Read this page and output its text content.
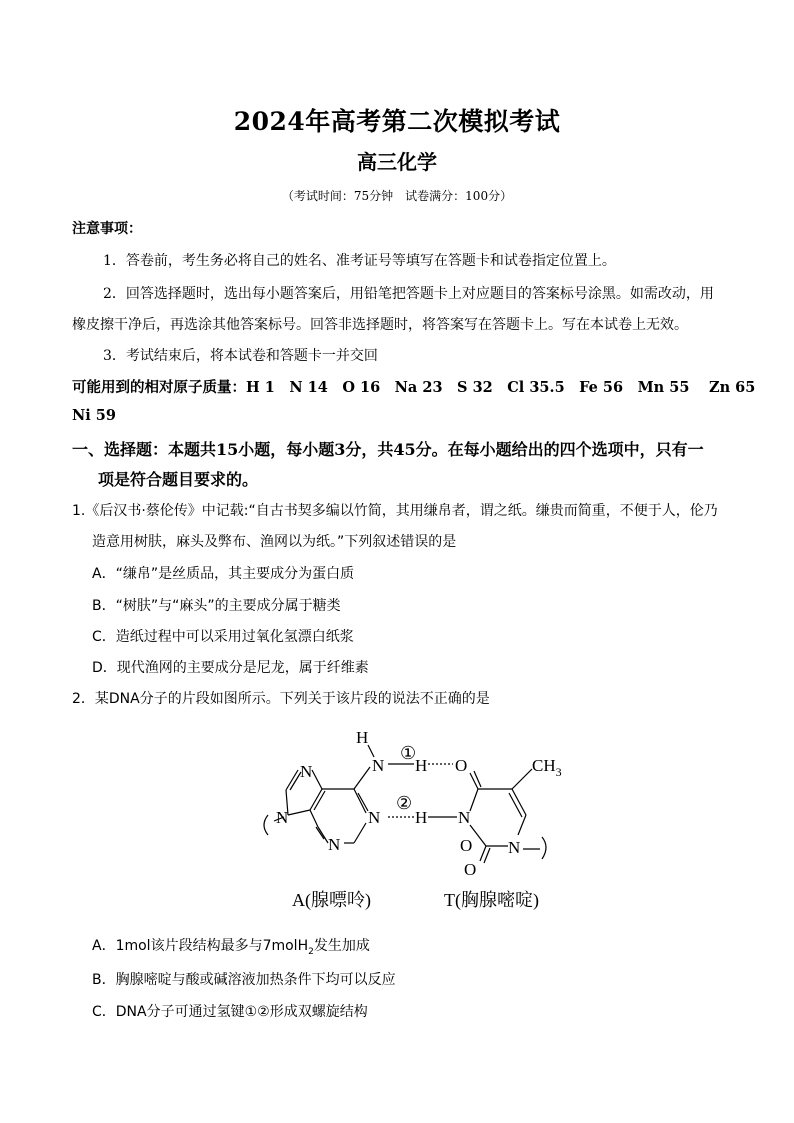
2024年高考第二次模拟考试
高三化学
（考试时间：75分钟　试卷满分：100分）
注意事项：
1．答卷前，考生务必将自己的姓名、准考证号等填写在答题卡和试卷指定位置上。
2．回答选择题时，选出每小题答案后，用铅笔把答题卡上对应题目的答案标号涂黑。如需改动，用
橡皮擦干净后，再选涂其他答案标号。回答非选择题时，将答案写在答题卡上。写在本试卷上无效。
3．考试结束后，将本试卷和答题卡一并交回
可能用到的相对原子质量：H 1　N 14　O 16　Na 23　S 32　Cl 35.5　Fe 56　Mn 55　 Zn 65
Ni 59
一、选择题：本题共15小题，每小题3分，共45分。在每小题给出的四个选项中，只有一
项是符合题目要求的。
1.《后汉书·蔡伦传》中记载:“自古书契多编以竹简，其用缣帛者，谓之纸。缣贵而简重，不便于人，伦乃
造意用树肤，麻头及弊布、渔网以为纸。”下列叙述错误的是
A．“缣帛”是丝质品，其主要成分为蛋白质
B．“树肤”与“麻头”的主要成分属于糖类
C．造纸过程中可以采用过氧化氢漂白纸浆
D．现代渔网的主要成分是尼龙，属于纤维素
2．某DNA分子的片段如图所示。下列关于该片段的说法不正确的是
H
N H O
N
N	N
N
H N
N
O
O
$CH_3$
①
②
A(腺嘌呤)	T(胸腺嘧啶)
A．1mol该片段结构最多与7molH$_2$发生加成
B．胸腺嘧啶与酸或碱溶液加热条件下均可以反应
C．DNA分子可通过氢键①②形成双螺旋结构
